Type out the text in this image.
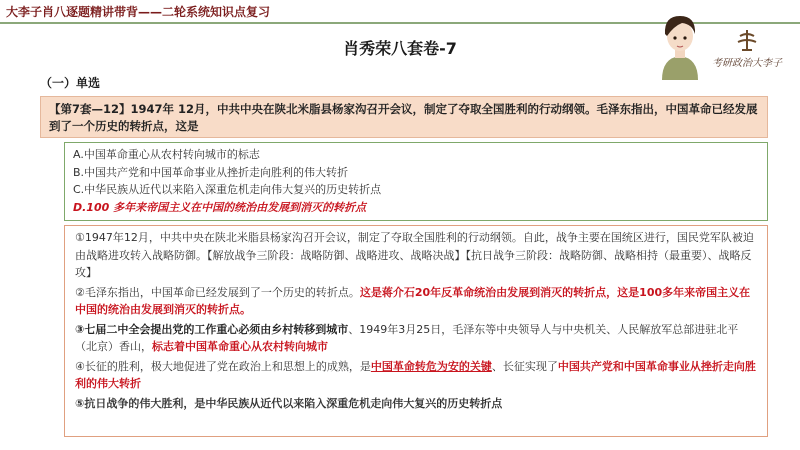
大李子肖八逐题精讲带背——二轮系统知识点复习
肖秀荣八套卷-7
考研政治大李子
（一）单选

【第7套—12】1947年 12月，中共中央在陕北米脂县杨家沟召开会议，制定了夺取全国胜利的行动纲领。毛泽东指出，中国革命已经发展到了一个历史的转折点，这是

A.中国革命重心从农村转向城市的标志
B.中国共产党和中国革命事业从挫折走向胜利的伟大转折
C.中华民族从近代以来陷入深重危机走向伟大复兴的历史转折点
D.100 多年来帝国主义在中国的统治由发展到消灭的转折点

①1947年12月，中共中央在陕北米脂县杨家沟召开会议，制定了夺取全国胜利的行动纲领。自此，战争主要在国统区进行，国民党军队被迫由战略进攻转入战略防御。【解放战争三阶段：战略防御、战略进攻、战略决战】【抗日战争三阶段：战略防御、战略相持（最重要）、战略反攻】

②毛泽东指出，中国革命已经发展到了一个历史的转折点。这是蒋介石20年反革命统治由发展到消灭的转折点，这是100多年来帝国主义在中国的统治由发展到消灭的转折点。

③七届二中全会提出党的工作重心必须由乡村转移到城市、1949年3月25日，毛泽东等中央领导人与中央机关、人民解放军总部进驻北平（北京）香山，标志着中国革命重心从农村转向城市

④长征的胜利，极大地促进了党在政治上和思想上的成熟，是中国革命转危为安的关键、长征实现了中国共产党和中国革命事业从挫折走向胜利的伟大转折

⑤抗日战争的伟大胜利，是中华民族从近代以来陷入深重危机走向伟大复兴的历史转折点
